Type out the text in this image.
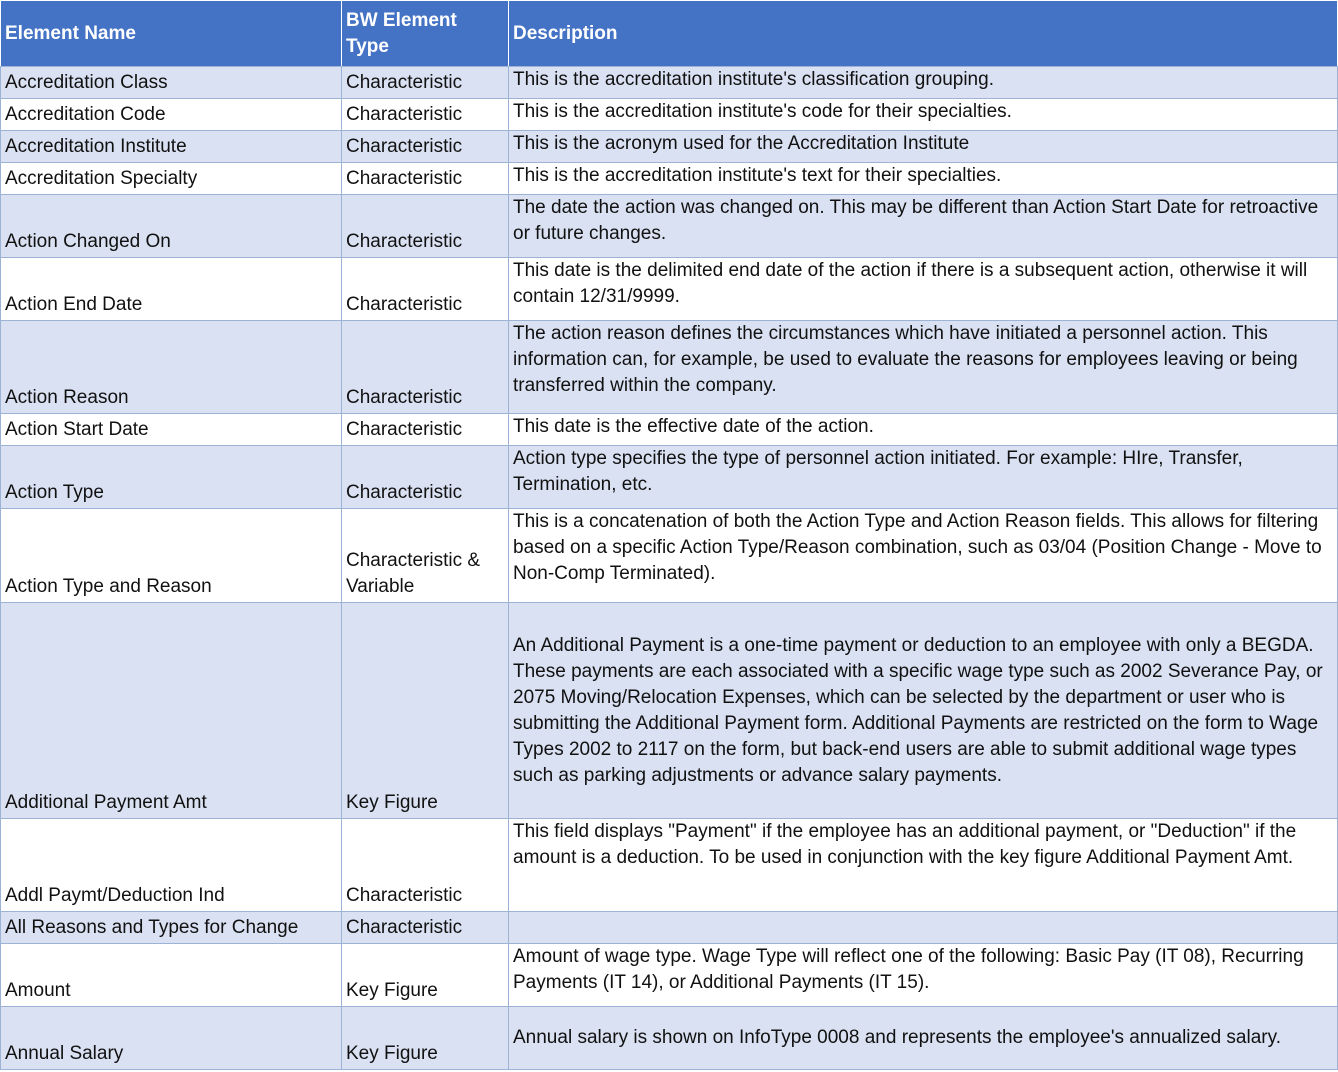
Element Name	BW Element Type	Description
Accreditation Class	Characteristic	This is the accreditation institute's classification grouping.
Accreditation Code	Characteristic	This is the accreditation institute's code for their specialties.
Accreditation Institute	Characteristic	This is the acronym used for the Accreditation Institute
Accreditation Specialty	Characteristic	This is the accreditation institute's text for their specialties.
Action Changed On	Characteristic	The date the action was changed on. This may be different than Action Start Date for retroactive or future changes.
Action End Date	Characteristic	This date is the delimited end date of the action if there is a subsequent action, otherwise it will contain 12/31/9999.
Action Reason	Characteristic	The action reason defines the circumstances which have initiated a personnel action. This information can, for example, be used to evaluate the reasons for employees leaving or being transferred within the company.
Action Start Date	Characteristic	This date is the effective date of the action.
Action Type	Characteristic	Action type specifies the type of personnel action initiated. For example: HIre, Transfer, Termination, etc.
Action Type and Reason	Characteristic & Variable	This is a concatenation of both the Action Type and Action Reason fields. This allows for filtering based on a specific Action Type/Reason combination, such as 03/04 (Position Change - Move to Non-Comp Terminated).
Additional Payment Amt	Key Figure	An Additional Payment is a one-time payment or deduction to an employee with only a BEGDA. These payments are each associated with a specific wage type such as 2002 Severance Pay, or 2075 Moving/Relocation Expenses, which can be selected by the department or user who is submitting the Additional Payment form. Additional Payments are restricted on the form to Wage Types 2002 to 2117 on the form, but back-end users are able to submit additional wage types such as parking adjustments or advance salary payments.
Addl Paymt/Deduction Ind	Characteristic	This field displays "Payment" if the employee has an additional payment, or "Deduction" if the amount is a deduction. To be used in conjunction with the key figure Additional Payment Amt.
All Reasons and Types for Change	Characteristic	
Amount	Key Figure	Amount of wage type. Wage Type will reflect one of the following: Basic Pay (IT 08), Recurring Payments (IT 14), or Additional Payments (IT 15).
Annual Salary	Key Figure	Annual salary is shown on InfoType 0008 and represents the employee's annualized salary.
